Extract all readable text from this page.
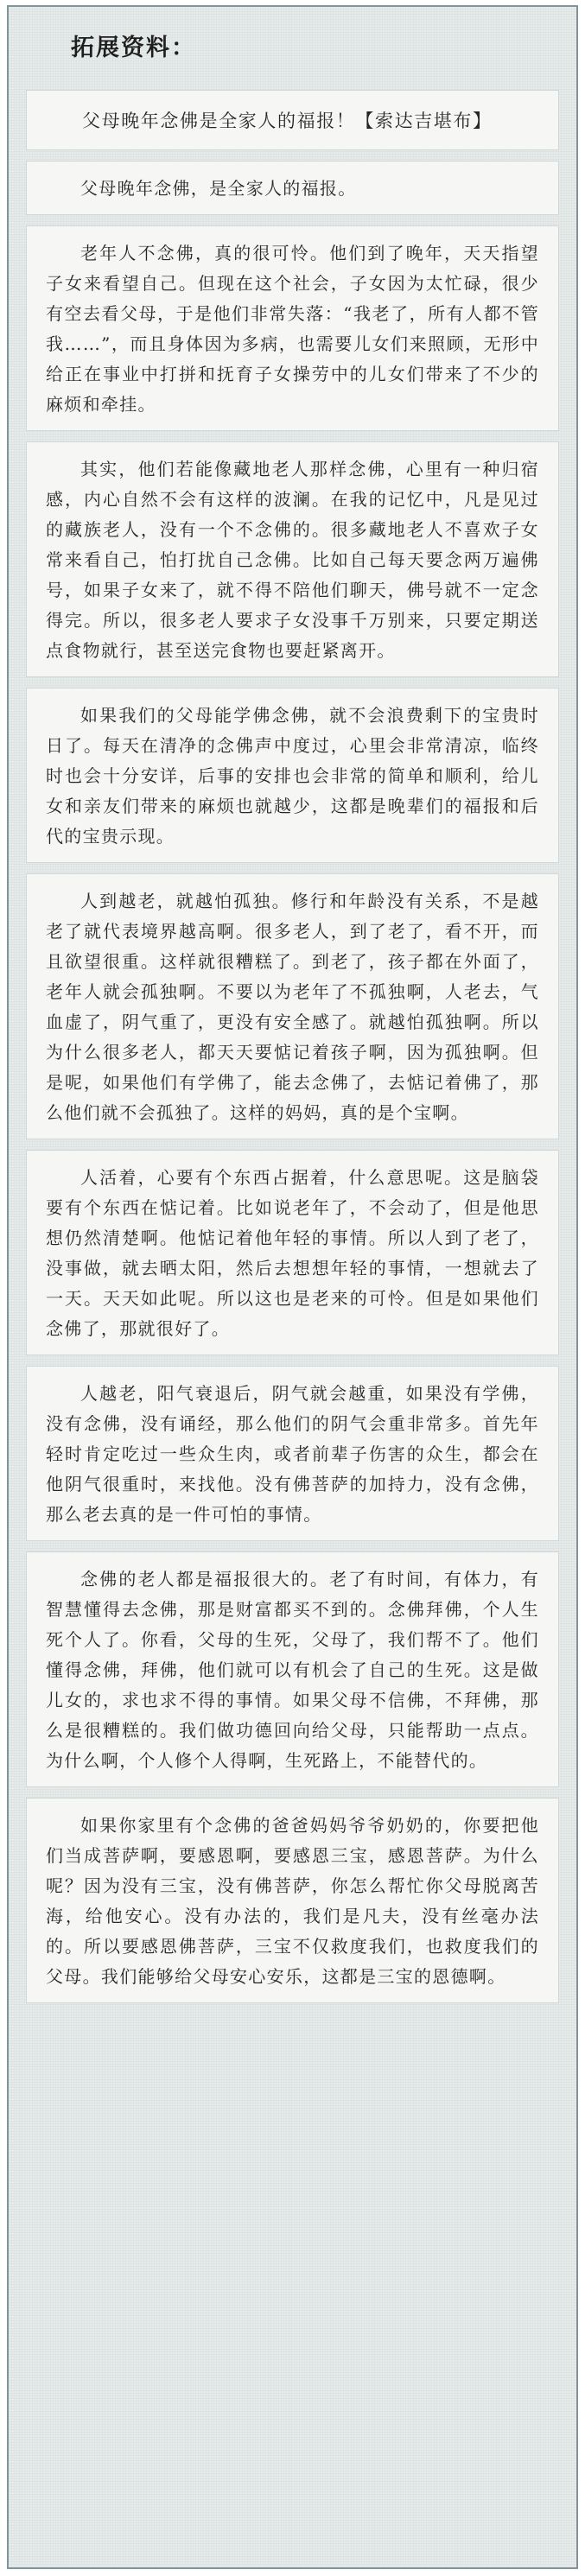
拓展资料：

父母晚年念佛是全家人的福报！【索达吉堪布】

父母晚年念佛，是全家人的福报。

老年人不念佛，真的很可怜。他们到了晚年，天天指望子女来看望自己。但现在这个社会，子女因为太忙碌，很少有空去看父母，于是他们非常失落：“我老了，所有人都不管我……”，而且身体因为多病，也需要儿女们来照顾，无形中给正在事业中打拼和抚育子女操劳中的儿女们带来了不少的麻烦和牵挂。

其实，他们若能像藏地老人那样念佛，心里有一种归宿感，内心自然不会有这样的波澜。在我的记忆中，凡是见过的藏族老人，没有一个不念佛的。很多藏地老人不喜欢子女常来看自己，怕打扰自己念佛。比如自己每天要念两万遍佛号，如果子女来了，就不得不陪他们聊天，佛号就不一定念得完。所以，很多老人要求子女没事千万别来，只要定期送点食物就行，甚至送完食物也要赶紧离开。

如果我们的父母能学佛念佛，就不会浪费剩下的宝贵时日了。每天在清净的念佛声中度过，心里会非常清凉，临终时也会十分安详，后事的安排也会非常的简单和顺利，给儿女和亲友们带来的麻烦也就越少，这都是晚辈们的福报和后代的宝贵示现。

人到越老，就越怕孤独。修行和年龄没有关系，不是越老了就代表境界越高啊。很多老人，到了老了，看不开，而且欲望很重。这样就很糟糕了。到老了，孩子都在外面了，老年人就会孤独啊。不要以为老年了不孤独啊，人老去，气血虚了，阴气重了，更没有安全感了。就越怕孤独啊。所以为什么很多老人，都天天要惦记着孩子啊，因为孤独啊。但是呢，如果他们有学佛了，能去念佛了，去惦记着佛了，那么他们就不会孤独了。这样的妈妈，真的是个宝啊。

人活着，心要有个东西占据着，什么意思呢。这是脑袋要有个东西在惦记着。比如说老年了，不会动了，但是他思想仍然清楚啊。他惦记着他年轻的事情。所以人到了老了，没事做，就去晒太阳，然后去想想年轻的事情，一想就去了一天。天天如此呢。所以这也是老来的可怜。但是如果他们念佛了，那就很好了。

人越老，阳气衰退后，阴气就会越重，如果没有学佛，没有念佛，没有诵经，那么他们的阴气会重非常多。首先年轻时肯定吃过一些众生肉，或者前辈子伤害的众生，都会在他阴气很重时，来找他。没有佛菩萨的加持力，没有念佛，那么老去真的是一件可怕的事情。

念佛的老人都是福报很大的。老了有时间，有体力，有智慧懂得去念佛，那是财富都买不到的。念佛拜佛，个人生死个人了。你看，父母的生死，父母了，我们帮不了。他们懂得念佛，拜佛，他们就可以有机会了自己的生死。这是做儿女的，求也求不得的事情。如果父母不信佛，不拜佛，那么是很糟糕的。我们做功德回向给父母，只能帮助一点点。为什么啊，个人修个人得啊，生死路上，不能替代的。

如果你家里有个念佛的爸爸妈妈爷爷奶奶的，你要把他们当成菩萨啊，要感恩啊，要感恩三宝，感恩菩萨。为什么呢？因为没有三宝，没有佛菩萨，你怎么帮忙你父母脱离苦海，给他安心。没有办法的，我们是凡夫，没有丝毫办法的。所以要感恩佛菩萨，三宝不仅救度我们，也救度我们的父母。我们能够给父母安心安乐，这都是三宝的恩德啊。
